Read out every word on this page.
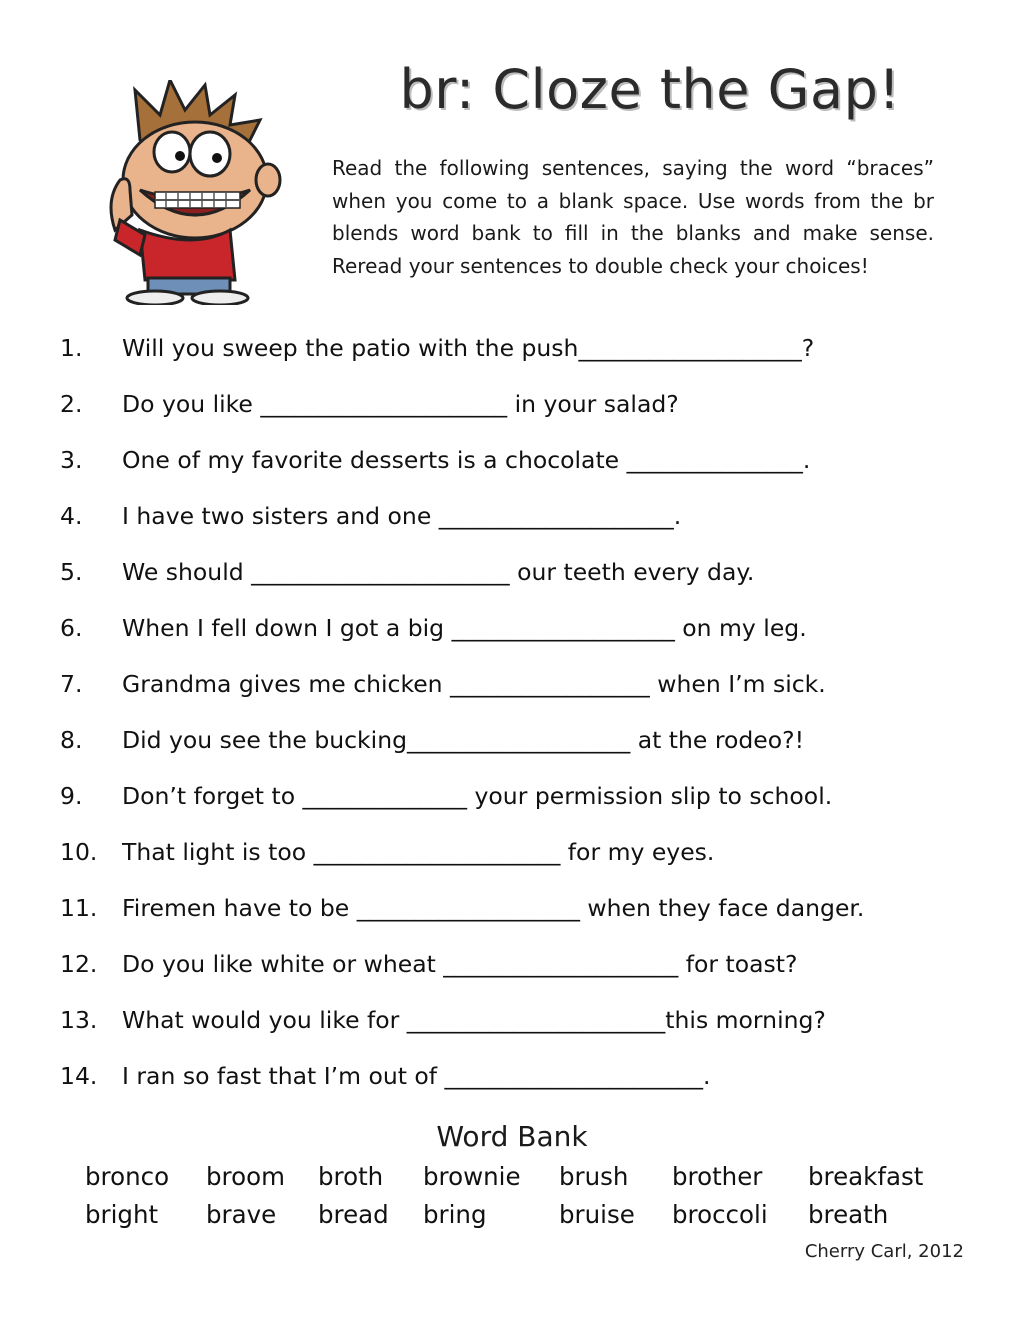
br: Cloze the Gap!
Read the following sentences, saying the word “braces” when you come to a blank space. Use words from the br blends word bank to fill in the blanks and make sense. Reread your sentences to double check your choices!
1.	Will you sweep the patio with the push___________________?
2.	Do you like _____________________ in your salad?
3.	One of my favorite desserts is a chocolate _______________.
4.	I have two sisters and one ____________________.
5.	We should ______________________ our teeth every day.
6.	When I fell down I got a big ___________________ on my leg.
7.	Grandma gives me chicken _________________ when I’m sick.
8.	Did you see the bucking___________________ at the rodeo?!
9.	Don’t forget to ______________ your permission slip to school.
10.	That light is too _____________________ for my eyes.
11.	Firemen have to be ___________________ when they face danger.
12.	Do you like white or wheat ____________________ for toast?
13.	What would you like for ______________________this morning?
14.	I ran so fast that I’m out of ______________________.
Word Bank
bronco broom broth brownie brush brother breakfast
bright brave bread bring	bruise broccoli breath
Cherry Carl, 2012
